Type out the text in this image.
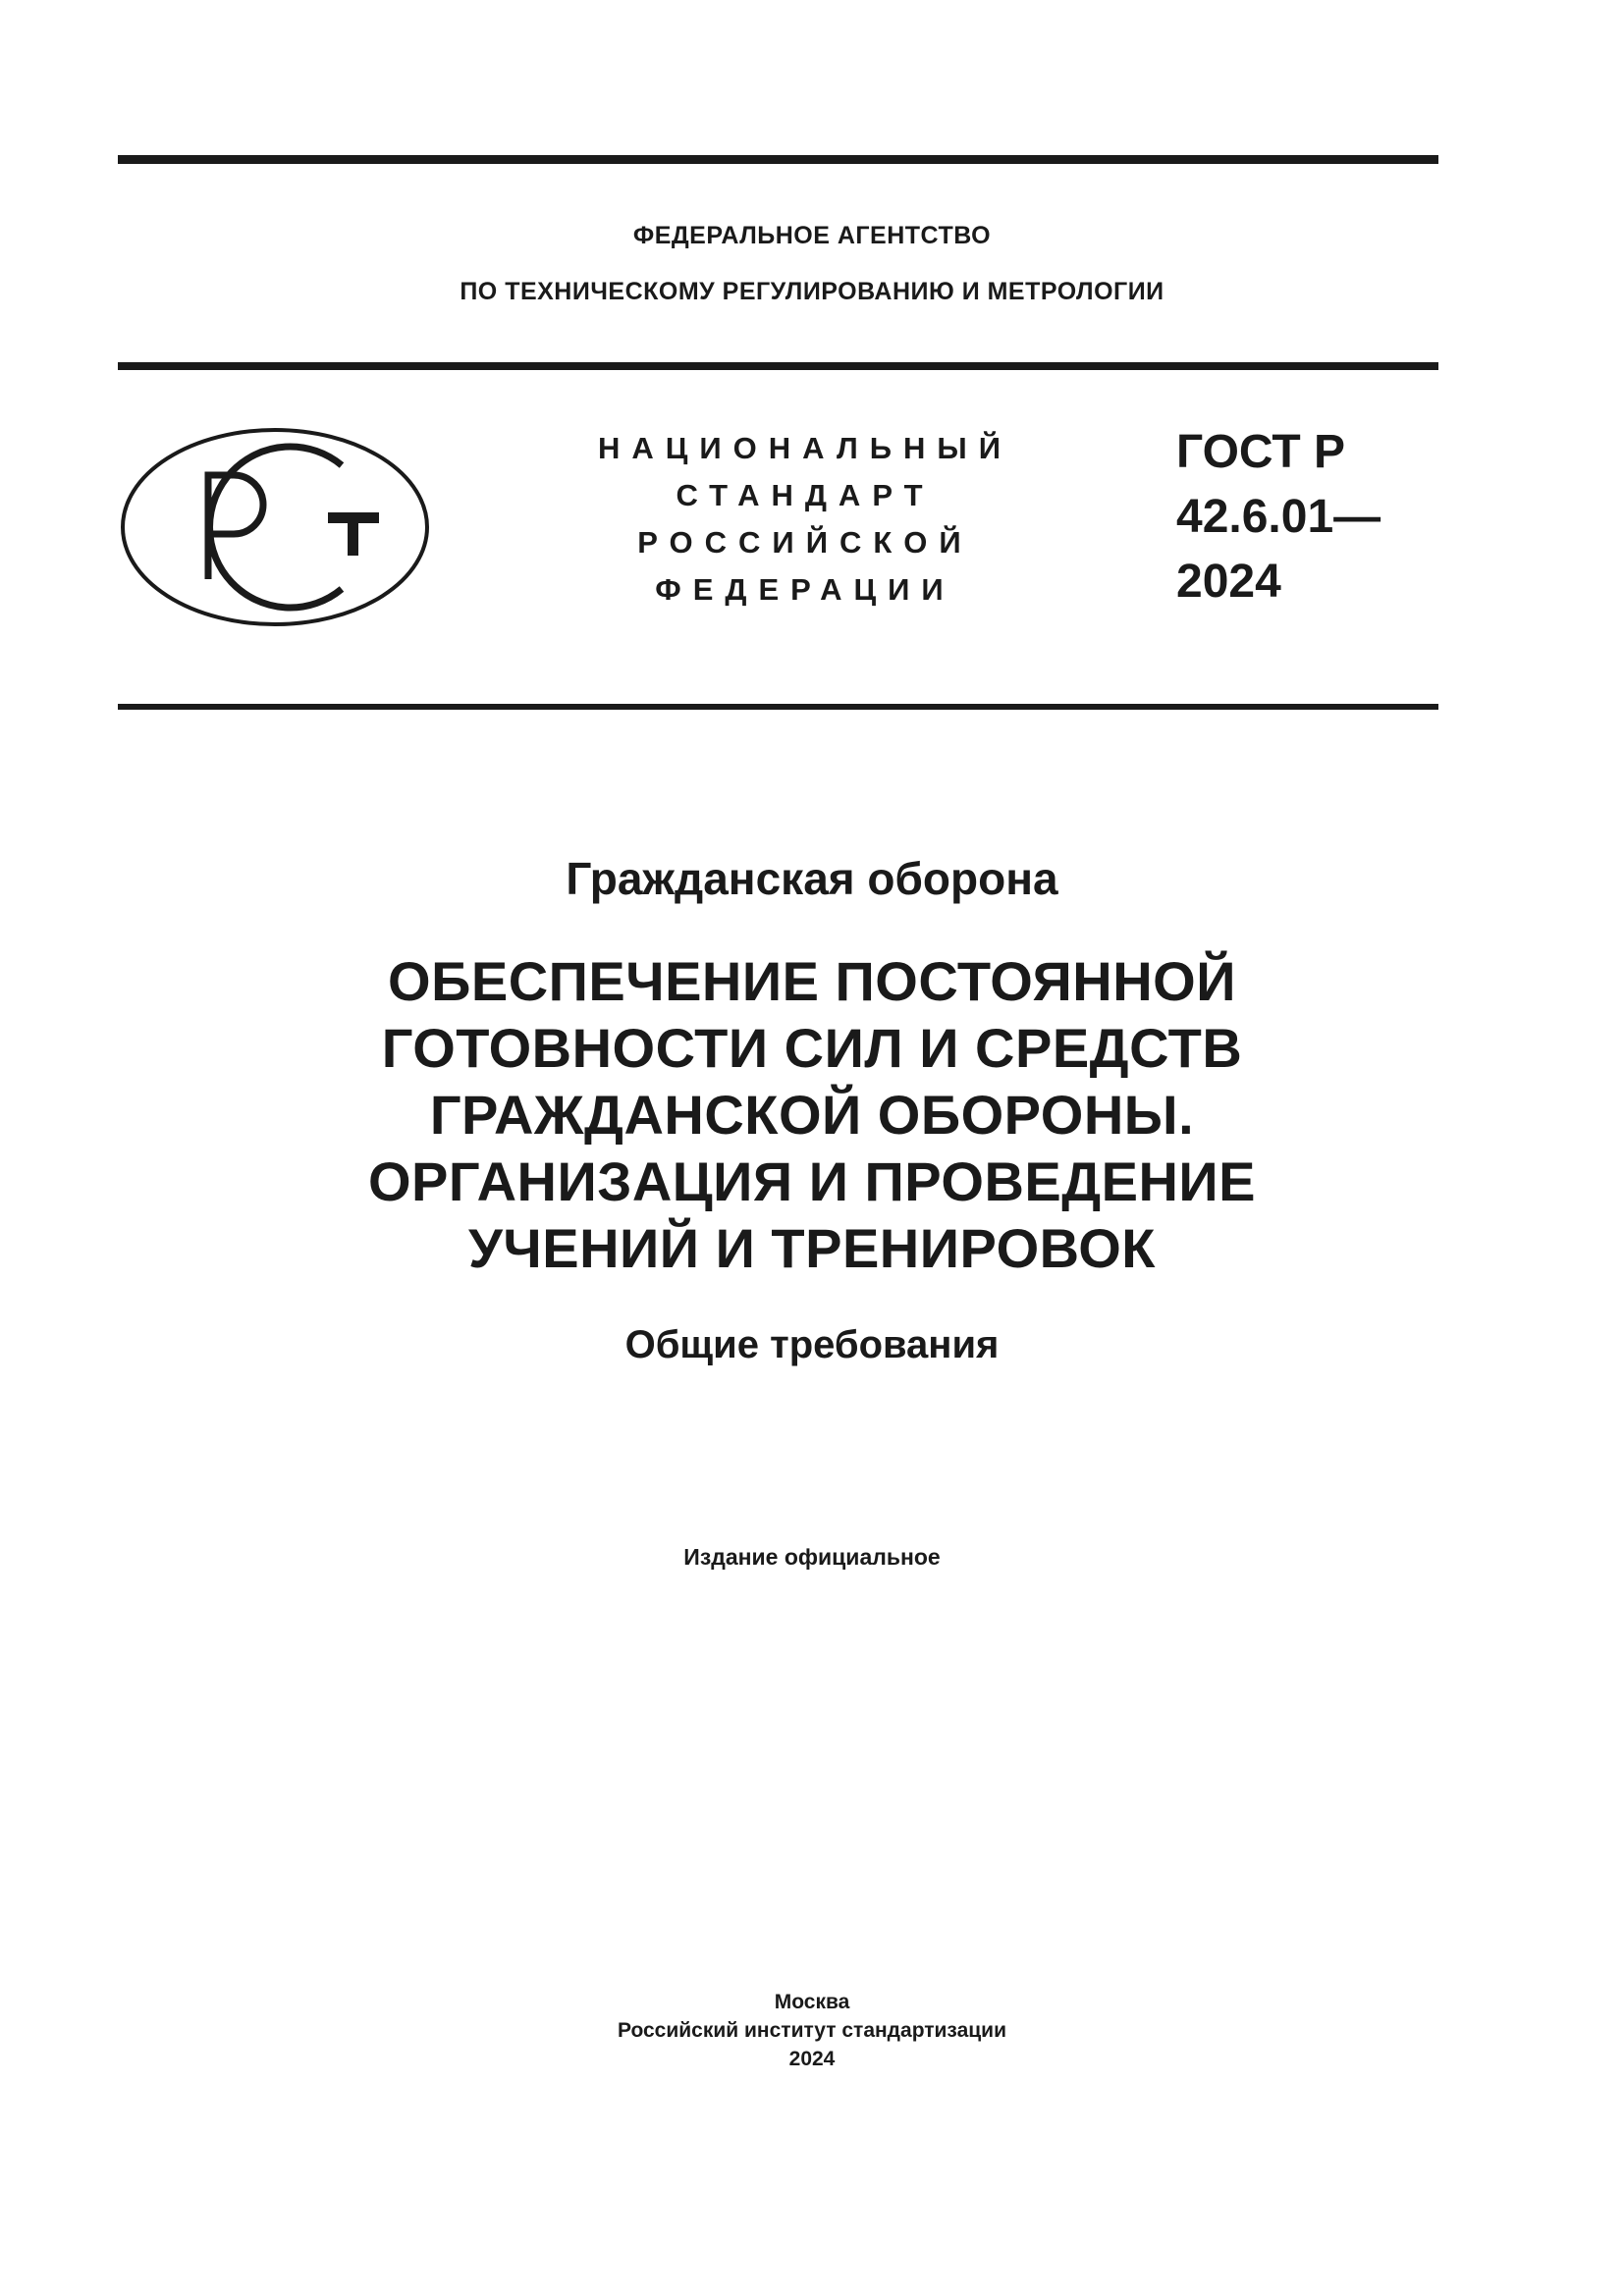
ФЕДЕРАЛЬНОЕ АГЕНТСТВО
ПО ТЕХНИЧЕСКОМУ РЕГУЛИРОВАНИЮ И МЕТРОЛОГИИ
НАЦИОНАЛЬНЫЙ
СТАНДАРТ
РОССИЙСКОЙ
ФЕДЕРАЦИИ
ГОСТ Р
42.6.01—
2024
Гражданская оборона
ОБЕСПЕЧЕНИЕ ПОСТОЯННОЙ
ГОТОВНОСТИ СИЛ И СРЕДСТВ
ГРАЖДАНСКОЙ ОБОРОНЫ.
ОРГАНИЗАЦИЯ И ПРОВЕДЕНИЕ
УЧЕНИЙ И ТРЕНИРОВОК
Общие требования
Издание официальное
Москва
Российский институт стандартизации
2024
